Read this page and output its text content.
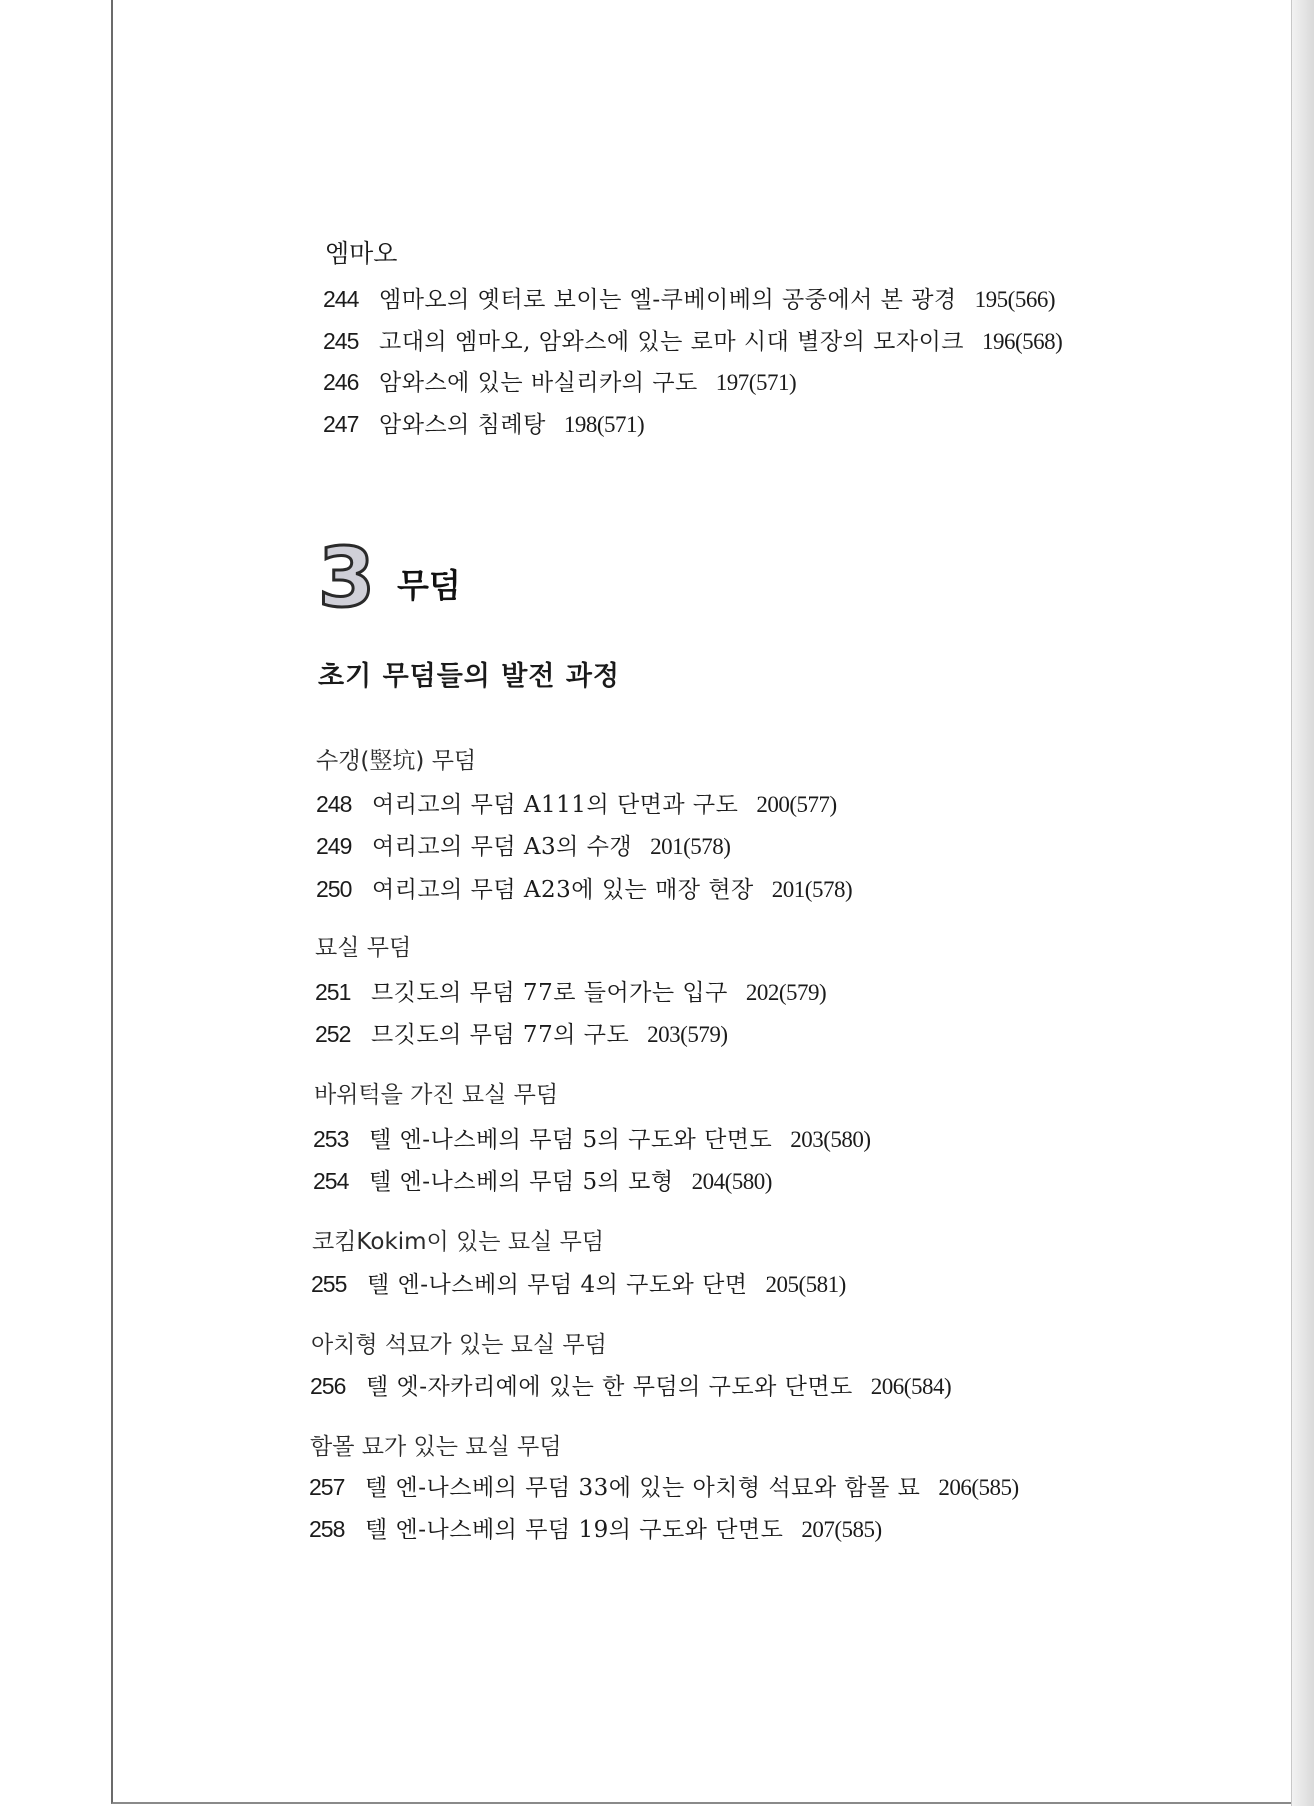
엠마오
244 엠마오의 옛터로 보이는 엘-쿠베이베의 공중에서 본 광경 195(566)
245 고대의 엠마오, 암와스에 있는 로마 시대 별장의 모자이크 196(568)
246 암와스에 있는 바실리카의 구도 197(571)
247 암와스의 침례탕 198(571)
3 무덤
초기 무덤들의 발전 과정
수갱(竪坑) 무덤
248 여리고의 무덤 A111의 단면과 구도 200(577)
249 여리고의 무덤 A3의 수갱 201(578)
250 여리고의 무덤 A23에 있는 매장 현장 201(578)
묘실 무덤
251 므깃도의 무덤 77로 들어가는 입구 202(579)
252 므깃도의 무덤 77의 구도 203(579)
바위턱을 가진 묘실 무덤
253 텔 엔-나스베의 무덤 5의 구도와 단면도 203(580)
254 텔 엔-나스베의 무덤 5의 모형 204(580)
코킴Kokim이 있는 묘실 무덤
255 텔 엔-나스베의 무덤 4의 구도와 단면 205(581)
아치형 석묘가 있는 묘실 무덤
256 텔 엣-자카리예에 있는 한 무덤의 구도와 단면도 206(584)
함몰 묘가 있는 묘실 무덤
257 텔 엔-나스베의 무덤 33에 있는 아치형 석묘와 함몰 묘 206(585)
258 텔 엔-나스베의 무덤 19의 구도와 단면도 207(585)
